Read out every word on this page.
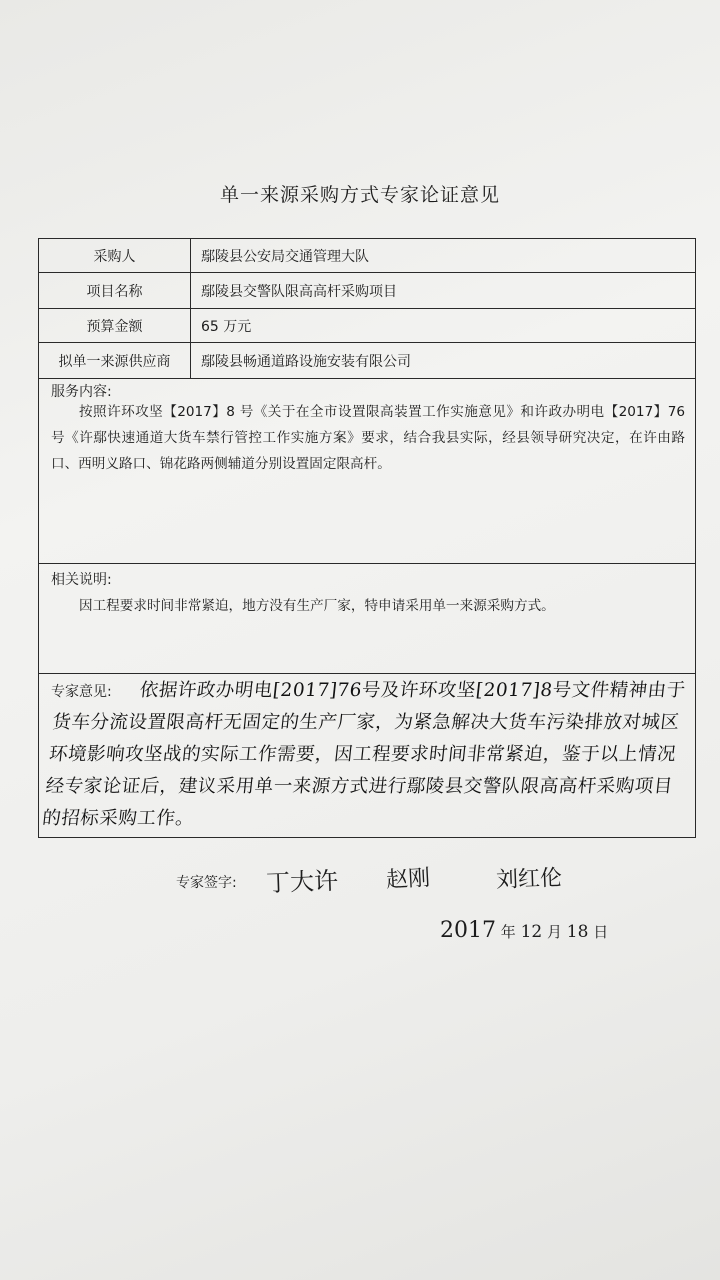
单一来源采购方式专家论证意见
采购人	鄢陵县公安局交通管理大队
项目名称	鄢陵县交警队限高高杆采购项目
预算金额	65 万元
拟单一来源供应商	鄢陵县畅通道路设施安装有限公司
服务内容:
按照许环攻坚【2017】8 号《关于在全市设置限高装置工作实施意见》和许政办明电【2017】76 号《许鄢快速通道大货车禁行管控工作实施方案》要求，结合我县实际，经县领导研究决定，在许由路口、西明义路口、锦花路两侧辅道分别设置固定限高杆。
相关说明:
因工程要求时间非常紧迫，地方没有生产厂家，特申请采用单一来源采购方式。
专家意见:	依据许政办明电[2017]76号及许环攻坚[2017]8号文件精神由于货车分流设置限高杆无固定的生产厂家，为紧急解决大货车污染排放对城区环境影响攻坚战的实际工作需要，因工程要求时间非常紧迫，鉴于以上情况经专家论证后，建议采用单一来源方式进行鄢陵县交警队限高高杆采购项目的招标采购工作。
专家签字: 丁大许 赵刚	刘红伦
2017 年 12 月 18 日
